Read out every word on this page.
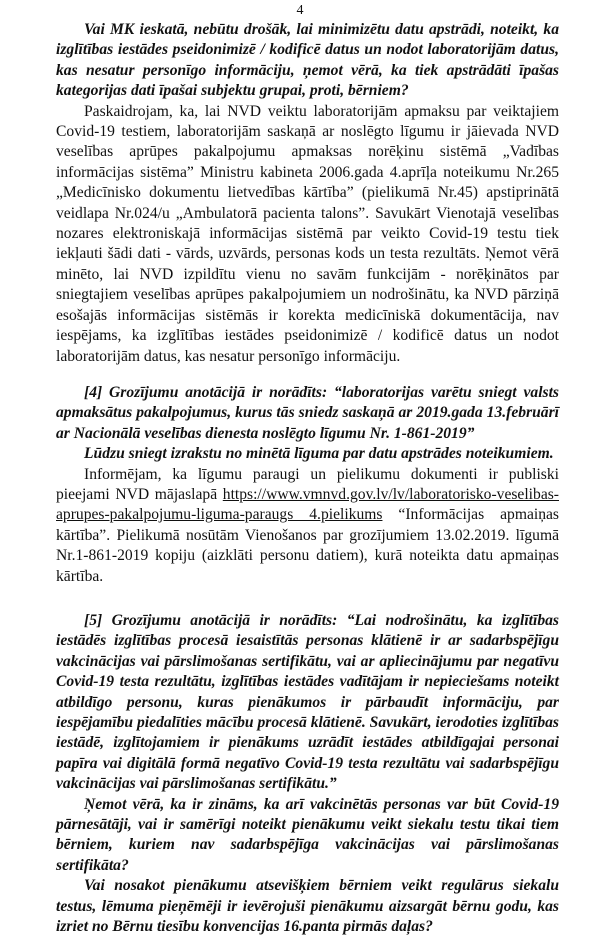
4

Vai MK ieskatā, nebūtu drošāk, lai minimizētu datu apstrādi, noteikt, ka izglītības iestādes pseidonimizē / kodificē datus un nodot laboratorijām datus, kas nesatur personīgo informāciju, ņemot vērā, ka tiek apstrādāti īpašas kategorijas dati īpašai subjektu grupai, proti, bērniem?

Paskaidrojam, ka, lai NVD veiktu laboratorijām apmaksu par veiktajiem Covid-19 testiem, laboratorijām saskaņā ar noslēgto līgumu ir jāievada NVD veselības aprūpes pakalpojumu apmaksas norēķinu sistēmā „Vadības informācijas sistēma” Ministru kabineta 2006.gada 4.aprīļa noteikumu Nr.265 „Medicīnisko dokumentu lietvedības kārtība” (pielikumā Nr.45) apstiprinātā veidlapa Nr.024/u „Ambulatorā pacienta talons”. Savukārt Vienotajā veselības nozares elektroniskajā informācijas sistēmā par veikto Covid-19 testu tiek iekļauti šādi dati - vārds, uzvārds, personas kods un testa rezultāts. Ņemot vērā minēto, lai NVD izpildītu vienu no savām funkcijām - norēķinātos par sniegtajiem veselības aprūpes pakalpojumiem un nodrošinātu, ka NVD pārziņā esošajās informācijas sistēmās ir korekta medicīniskā dokumentācija, nav iespējams, ka izglītības iestādes pseidonimizē / kodificē datus un nodot laboratorijām datus, kas nesatur personīgo informāciju.

[4] Grozījumu anotācijā ir norādīts: “laboratorijas varētu sniegt valsts apmaksātus pakalpojumus, kurus tās sniedz saskaņā ar 2019.gada 13.februārī ar Nacionālā veselības dienesta noslēgto līgumu Nr. 1-861-2019”

Lūdzu sniegt izrakstu no minētā līguma par datu apstrādes noteikumiem.

Informējam, ka līgumu paraugi un pielikumu dokumenti ir publiski pieejami NVD mājaslapā https://www.vmnvd.gov.lv/lv/laboratorisko-veselibas-aprupes-pakalpojumu-liguma-paraugs 4.pielikums “Informācijas apmaiņas kārtība”. Pielikumā nosūtām Vienošanos par grozījumiem 13.02.2019. līgumā Nr.1-861-2019 kopiju (aizklāti personu datiem), kurā noteikta datu apmaiņas kārtība.

[5] Grozījumu anotācijā ir norādīts: “Lai nodrošinātu, ka izglītības iestādēs izglītības procesā iesaistītās personas klātienē ir ar sadarbspējīgu vakcinācijas vai pārslimošanas sertifikātu, vai ar apliecinājumu par negatīvu Covid-19 testa rezultātu, izglītības iestādes vadītājam ir nepieciešams noteikt atbildīgo personu, kuras pienākumos ir pārbaudīt informāciju, par iespējamību piedalīties mācību procesā klātienē. Savukārt, ierodoties izglītības iestādē, izglītojamiem ir pienākums uzrādīt iestādes atbildīgajai personai papīra vai digitālā formā negatīvo Covid-19 testa rezultātu vai sadarbspējīgu vakcinācijas vai pārslimošanas sertifikātu.”

Ņemot vērā, ka ir zināms, ka arī vakcinētās personas var būt Covid-19 pārnesātāji, vai ir samērīgi noteikt pienākumu veikt siekalu testu tikai tiem bērniem, kuriem nav sadarbspējīga vakcinācijas vai pārslimošanas sertifikāta?

Vai nosakot pienākumu atsevišķiem bērniem veikt regulārus siekalu testus, lēmuma pieņēmēji ir ievērojuši pienākumu aizsargāt bērnu godu, kas izriet no Bērnu tiesību konvencijas 16.panta pirmās daļas?
